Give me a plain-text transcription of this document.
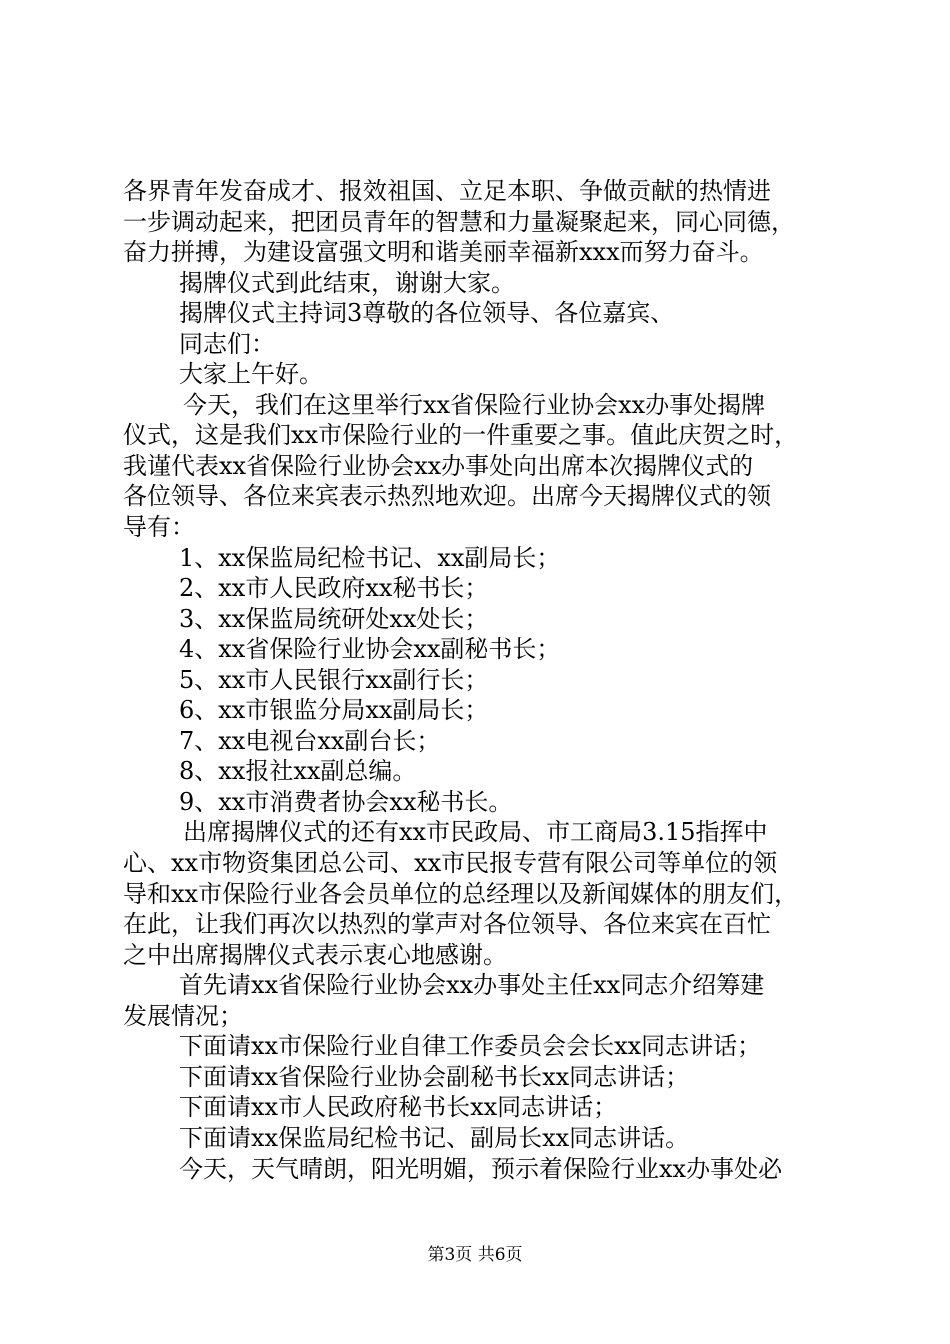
各界青年发奋成才、报效祖国、立足本职、争做贡献的热情进
一步调动起来，把团员青年的智慧和力量凝聚起来，同心同德，
奋力拼搏，为建设富强文明和谐美丽幸福新xxx而努力奋斗。
揭牌仪式到此结束，谢谢大家。
揭牌仪式主持词3尊敬的各位领导、各位嘉宾、
同志们：
大家上午好。
今天，我们在这里举行xx省保险行业协会xx办事处揭牌
仪式，这是我们xx市保险行业的一件重要之事。值此庆贺之时，
我谨代表xx省保险行业协会xx办事处向出席本次揭牌仪式的
各位领导、各位来宾表示热烈地欢迎。出席今天揭牌仪式的领
导有：
1、xx保监局纪检书记、xx副局长；
2、xx市人民政府xx秘书长；
3、xx保监局统研处xx处长；
4、xx省保险行业协会xx副秘书长；
5、xx市人民银行xx副行长；
6、xx市银监分局xx副局长；
7、xx电视台xx副台长；
8、xx报社xx副总编。
9、xx市消费者协会xx秘书长。
出席揭牌仪式的还有xx市民政局、市工商局3.15指挥中
心、xx市物资集团总公司、xx市民报专营有限公司等单位的领
导和xx市保险行业各会员单位的总经理以及新闻媒体的朋友们，
在此，让我们再次以热烈的掌声对各位领导、各位来宾在百忙
之中出席揭牌仪式表示衷心地感谢。
首先请xx省保险行业协会xx办事处主任xx同志介绍筹建
发展情况；
下面请xx市保险行业自律工作委员会会长xx同志讲话；
下面请xx省保险行业协会副秘书长xx同志讲话；
下面请xx市人民政府秘书长xx同志讲话；
下面请xx保监局纪检书记、副局长xx同志讲话。
今天，天气晴朗，阳光明媚，预示着保险行业xx办事处必
第3页 共6页
